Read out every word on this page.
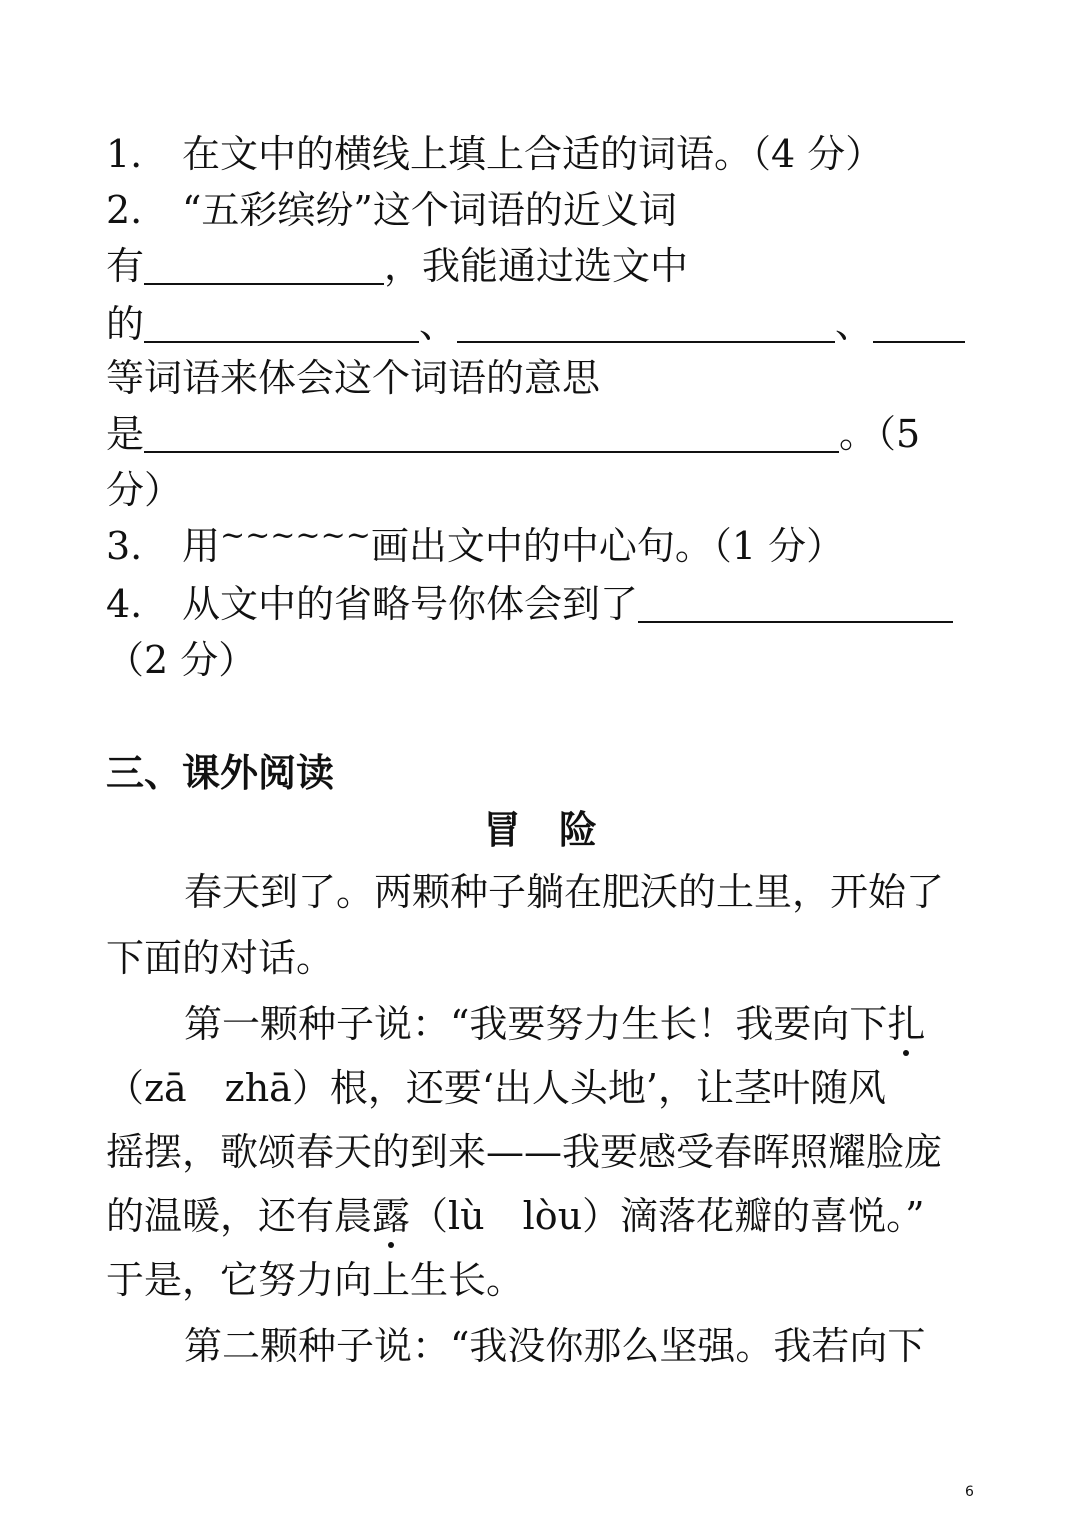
1. 在文中的横线上填上合适的词语。（4 分）
2. “五彩缤纷”这个词语的近义词
有	，我能通过选文中
的	、	、
等词语来体会这个词语的意思
是	。（5
分）
3. 用~~~~~~画出文中的中心句。（1 分）
4. 从文中的省略号你体会到了
（2 分）
三、课外阅读
冒　险
春天到了。两颗种子躺在肥沃的土里，开始了
下面的对话。
第一颗种子说：“我要努力生长！我要向下扎
（zā　zhā）根，还要‘出人头地’，让茎叶随风
摇摆，歌颂春天的到来——我要感受春晖照耀脸庞
的温暖，还有晨露（lù　lòu）滴落花瓣的喜悦。”
于是，它努力向上生长。
第二颗种子说：“我没你那么坚强。我若向下
6
